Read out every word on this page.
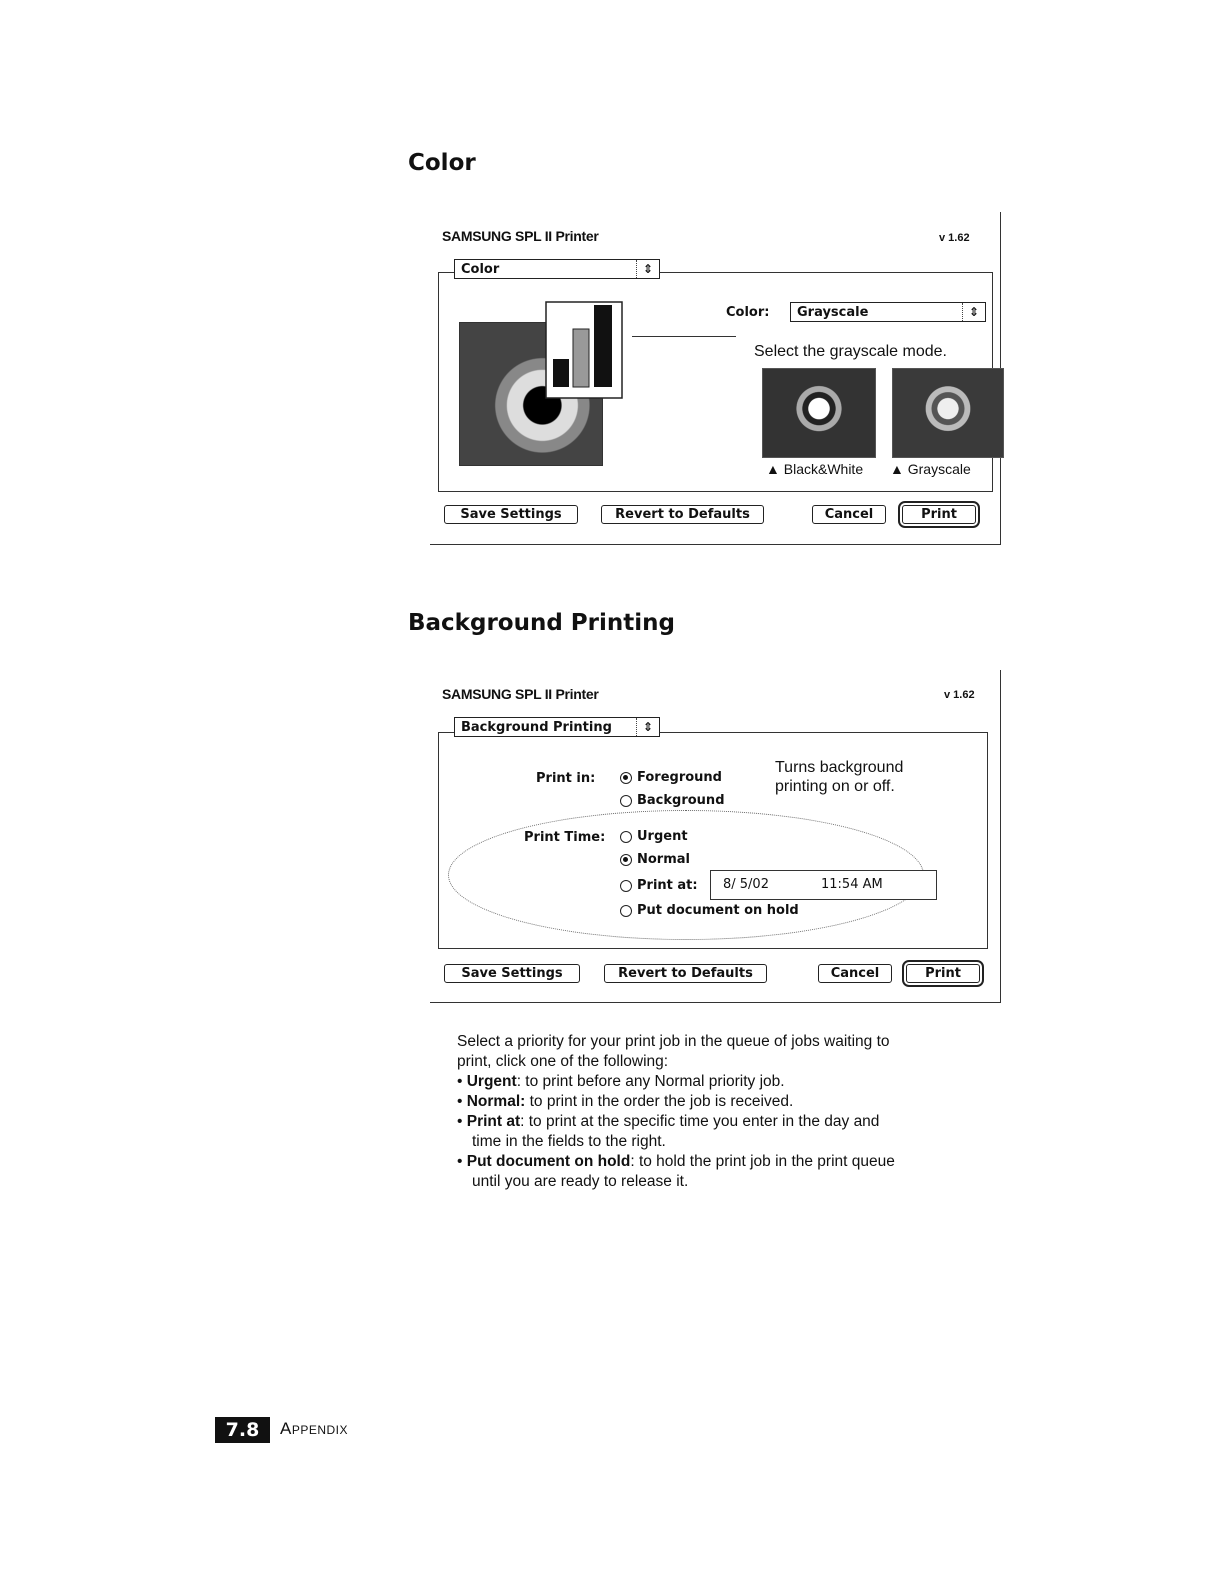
Color
SAMSUNG SPL II Printer	v 1.62
Color	⇕
Color:	Grayscale	⇕
Select the grayscale mode.
▲ Black&White ▲ Grayscale
Save Settings	Revert to Defaults	Cancel	Print
Background Printing
SAMSUNG SPL II Printer	v 1.62
Background Printing	⇕
Print in:	Foreground
Background
Turns background printing on or off.
Print Time: Urgent
Normal
Print at: 8/ 5/02	11:54 AM
Put document on hold
Save Settings	Revert to Defaults	Cancel	Print

Select a priority for your print job in the queue of jobs waiting to print, click one of the following:

• Urgent: to print before any Normal priority job.

• Normal: to print in the order the job is received.

• Print at: to print at the specific time you enter in the day and time in the fields to the right.

• Put document on hold: to hold the print job in the print queue until you are ready to release it.

7.8	Appendix
